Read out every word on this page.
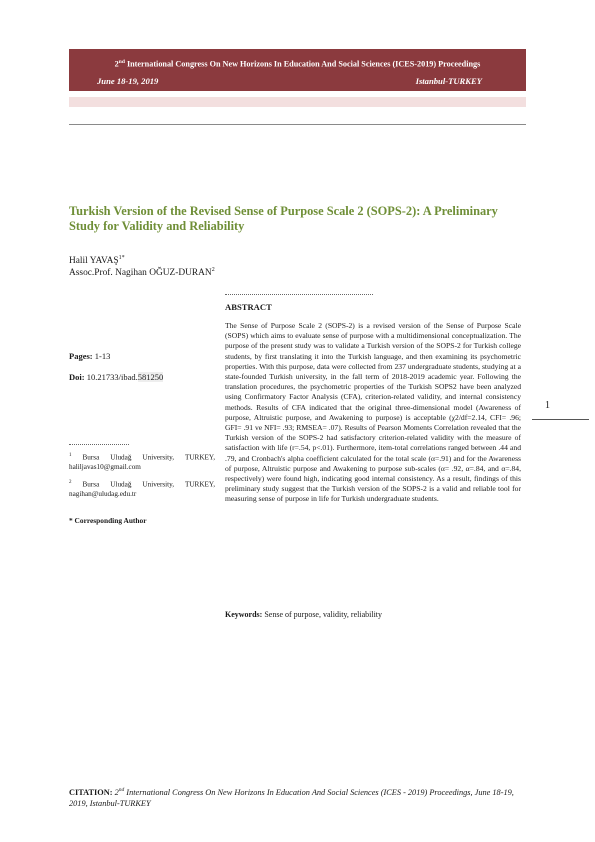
2nd International Congress On New Horizons In Education And Social Sciences (ICES-2019) Proceedings
June 18-19, 2019	Istanbul-TURKEY
Turkish Version of the Revised Sense of Purpose Scale 2 (SOPS-2): A Preliminary Study for Validity and Reliability
Halil $YAVAŞ^{1*}$
Assoc.Prof. Nagihan OĞUZ-DURAN$^2$
ABSTRACT

The Sense of Purpose Scale 2 (SOPS-2) is a revised version of the Sense of Purpose Scale (SOPS) which aims to evaluate sense of purpose with a multidimensional conceptualization. The purpose of the present study was to validate a Turkish version of the SOPS-2 for Turkish college students, by first translating it into the Turkish language, and then examining its psychometric properties. With this purpose, data were collected from 237 undergraduate students, studying at a state-founded Turkish university, in the fall term of 2018-2019 academic year. Following the translation procedures, the psychometric properties of the Turkish SOPS2 have been analyzed using Confirmatory Factor Analysis (CFA), criterion-related validity, and internal consistency methods. Results of CFA indicated that the original three-dimensional model (Awareness of purpose, Altruistic purpose, and Awakening to purpose) is acceptable (χ2/df=2.14, CFI= .96; GFI= .91 ve NFI= .93; RMSEA= .07). Results of Pearson Moments Correlation revealed that the Turkish version of the SOPS-2 had satisfactory criterion-related validity with the measure of satisfaction with life (r=.54, p<.01). Furthermore, item-total correlations ranged between .44 and .79, and Cronbach's alpha coefficient calculated for the total scale (α=.91) and for the Awareness of purpose, Altruistic purpose and Awakening to purpose sub-scales (α= .92, α=.84, and α=.84, respectively) were found high, indicating good internal consistency. As a result, findings of this preliminary study suggest that the Turkish version of the SOPS-2 is a valid and reliable tool for measuring sense of purpose in life for Turkish undergraduate students.

Pages: 1-13
Doi: 10.21733/ibad.581250

$^1$ Bursa Uludağ University, TURKEY, haliljavas10@gmail.com

$^2$ Bursa Uludağ University, TURKEY, nagihan@uludag.edu.tr

* Corresponding Author
Keywords: Sense of purpose, validity, reliability
1

CITATION: 2nd International Congress On New Horizons In Education And Social Sciences (ICES - 2019) Proceedings, June 18-19, 2019, Istanbul-TURKEY
